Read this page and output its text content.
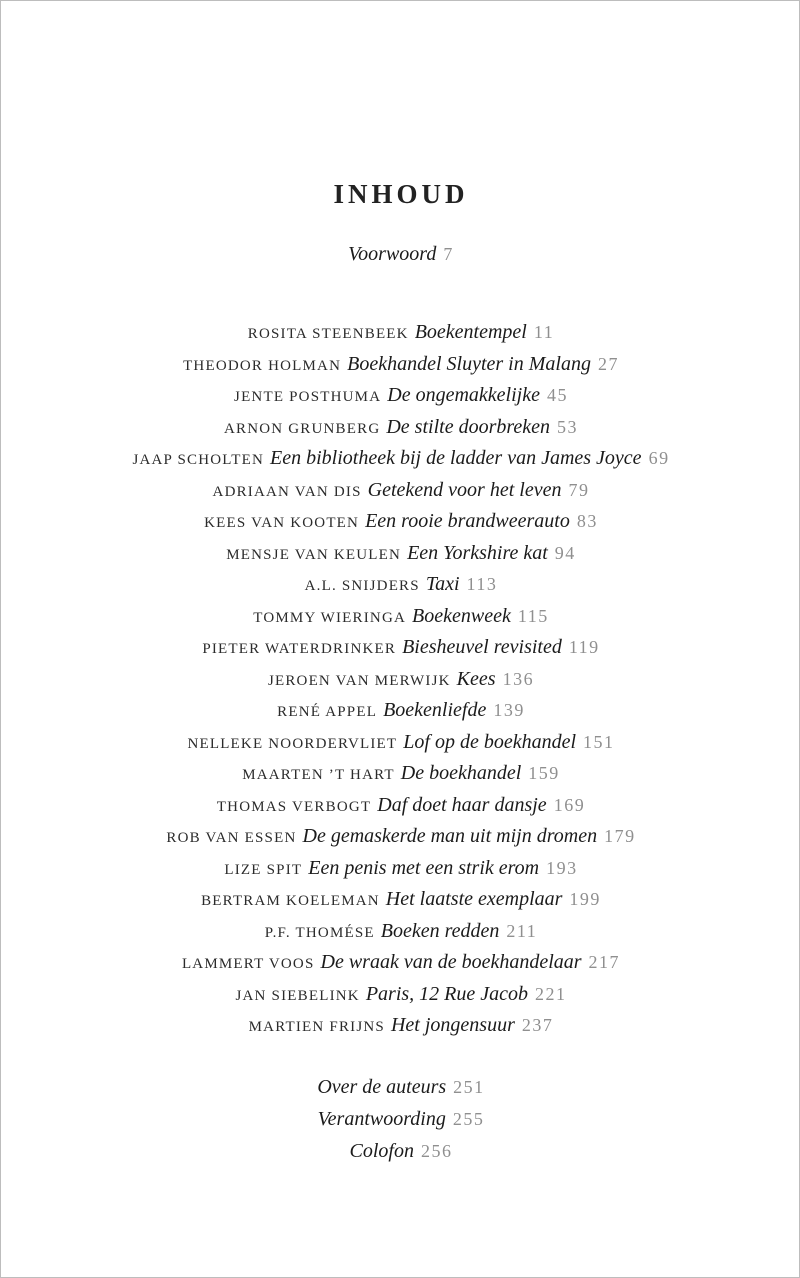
INHOUD
Voorwoord 7
ROSITA STEENBEEK Boekentempel 11
THEODOR HOLMAN Boekhandel Sluyter in Malang 27
JENTE POSTHUMA De ongemakkelijke 45
ARNON GRUNBERG De stilte doorbreken 53
JAAP SCHOLTEN Een bibliotheek bij de ladder van James Joyce 69
ADRIAAN VAN DIS Getekend voor het leven 79
KEES VAN KOOTEN Een rooie brandweerauto 83
MENSJE VAN KEULEN Een Yorkshire kat 94
A.L. SNIJDERS Taxi 113
TOMMY WIERINGA Boekenweek 115
PIETER WATERDRINKER Biesheuvel revisited 119
JEROEN VAN MERWIJK Kees 136
RENÉ APPEL Boekenliefde 139
NELLEKE NOORDERVLIET Lof op de boekhandel 151
MAARTEN ’T HART De boekhandel 159
THOMAS VERBOGT Daf doet haar dansje 169
ROB VAN ESSEN De gemaskerde man uit mijn dromen 179
LIZE SPIT Een penis met een strik erom 193
BERTRAM KOELEMAN Het laatste exemplaar 199
P.F. THOMÉSE Boeken redden 211
LAMMERT VOOS De wraak van de boekhandelaar 217
JAN SIEBELINK Paris, 12 Rue Jacob 221
MARTIEN FRIJNS Het jongensuur 237
Over de auteurs 251
Verantwoording 255
Colofon 256
